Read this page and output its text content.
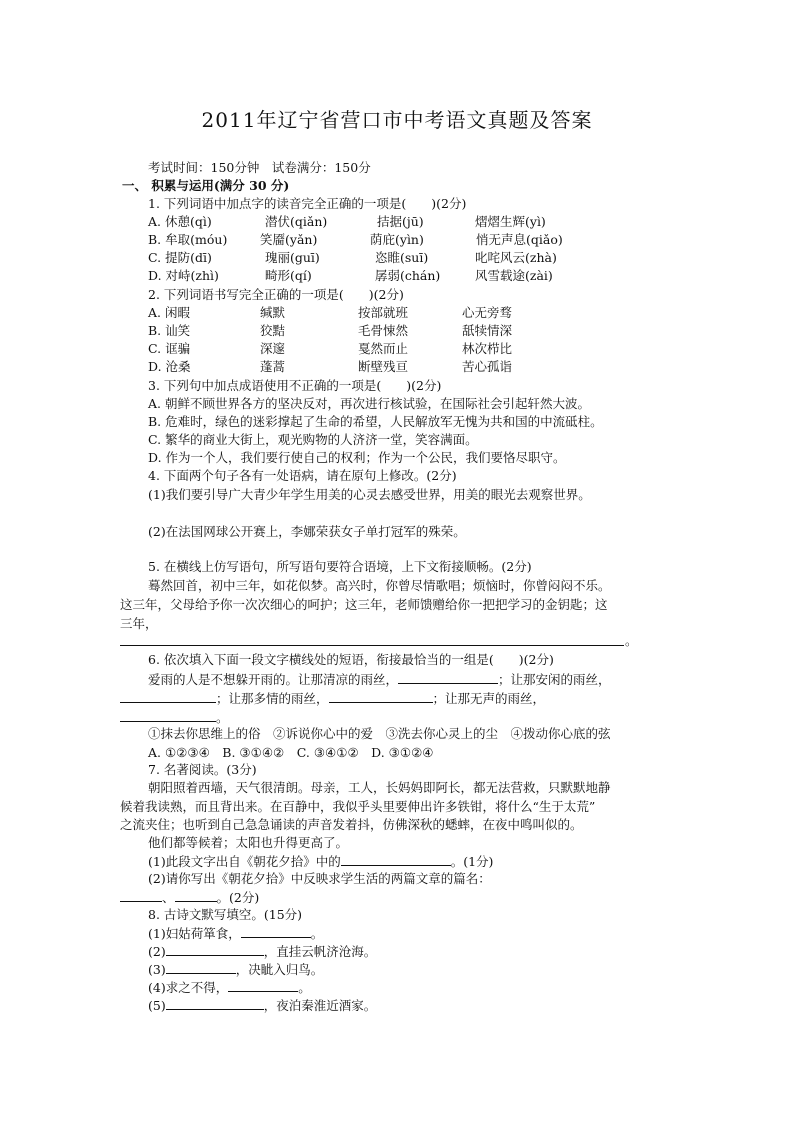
2011年辽宁省营口市中考语文真题及答案
考试时间：150分钟　试卷满分：150分
一、 积累与运用(满分 30 分)
1. 下列词语中加点字的读音完全正确的一项是(　　)(2分)
A. 休憩(qì)	潜伏(qiǎn)	拮据(jū)	熠熠生辉(yì)
B. 牟取(móu)	笑靥(yǎn)	荫庇(yìn)	悄无声息(qiǎo)
C. 提防(dī)	瑰丽(guī)	恣睢(suī)	叱咤风云(zhà)
D. 对峙(zhì)	畸形(qí)	孱弱(chán)	风雪载途(zài)
2. 下列词语书写完全正确的一项是(　　)(2分)
A. 闲暇	缄默	按部就班	心无旁骛
B. 讪笑	狡黠	毛骨悚然	舐犊情深
C. 诓骗	深邃	戛然而止	林次栉比
D. 沧桑	蓬蒿	断壁残亘	苦心孤诣
3. 下列句中加点成语使用不正确的一项是(　　)(2分)
A. 朝鲜不顾世界各方的坚决反对，再次进行核试验，在国际社会引起轩然大波。
B. 危难时，绿色的迷彩撑起了生命的希望，人民解放军无愧为共和国的中流砥柱。
C. 繁华的商业大街上，观光购物的人济济一堂，笑容满面。
D. 作为一个人，我们要行使自己的权利；作为一个公民，我们要恪尽职守。
4. 下面两个句子各有一处语病，请在原句上修改。(2分)
(1)我们要引导广大青少年学生用美的心灵去感受世界，用美的眼光去观察世界。
(2)在法国网球公开赛上，李娜荣获女子单打冠军的殊荣。
5. 在横线上仿写语句，所写语句要符合语境，上下文衔接顺畅。(2分)
蓦然回首，初中三年，如花似梦。高兴时，你曾尽情歌唱；烦恼时，你曾闷闷不乐。
这三年，父母给予你一次次细心的呵护；这三年，老师馈赠给你一把把学习的金钥匙；这
三年，
。
6. 依次填入下面一段文字横线处的短语，衔接最恰当的一组是(　　)(2分)
爱雨的人是不想躲开雨的。让那清凉的雨丝，	；让那安闲的雨丝，
；让那多情的雨丝，	；让那无声的雨丝，
。
①抹去你思维上的俗　②诉说你心中的爱　③洗去你心灵上的尘　④拨动你心底的弦
A. ①②③④　B. ③①④②　C. ③④①②　D. ③①②④
7. 名著阅读。(3分)
朝阳照着西墙，天气很清朗。母亲，工人，长妈妈即阿长，都无法营救，只默默地静
候着我读熟，而且背出来。在百静中，我似乎头里要伸出许多铁钳，将什么“生于太荒”
之流夹住；也听到自己急急诵读的声音发着抖，仿佛深秋的蟋蟀，在夜中鸣叫似的。
他们都等候着；太阳也升得更高了。
(1)此段文字出自《朝花夕拾》中的	。(1分)
(2)请你写出《朝花夕拾》中反映求学生活的两篇文章的篇名：
、	。(2分)
8. 古诗文默写填空。(15分)
(1)妇姑荷箪食，	。
(2)	，直挂云帆济沧海。
(3)	，决眦入归鸟。
(4)求之不得，	。
(5)	，夜泊秦淮近酒家。
